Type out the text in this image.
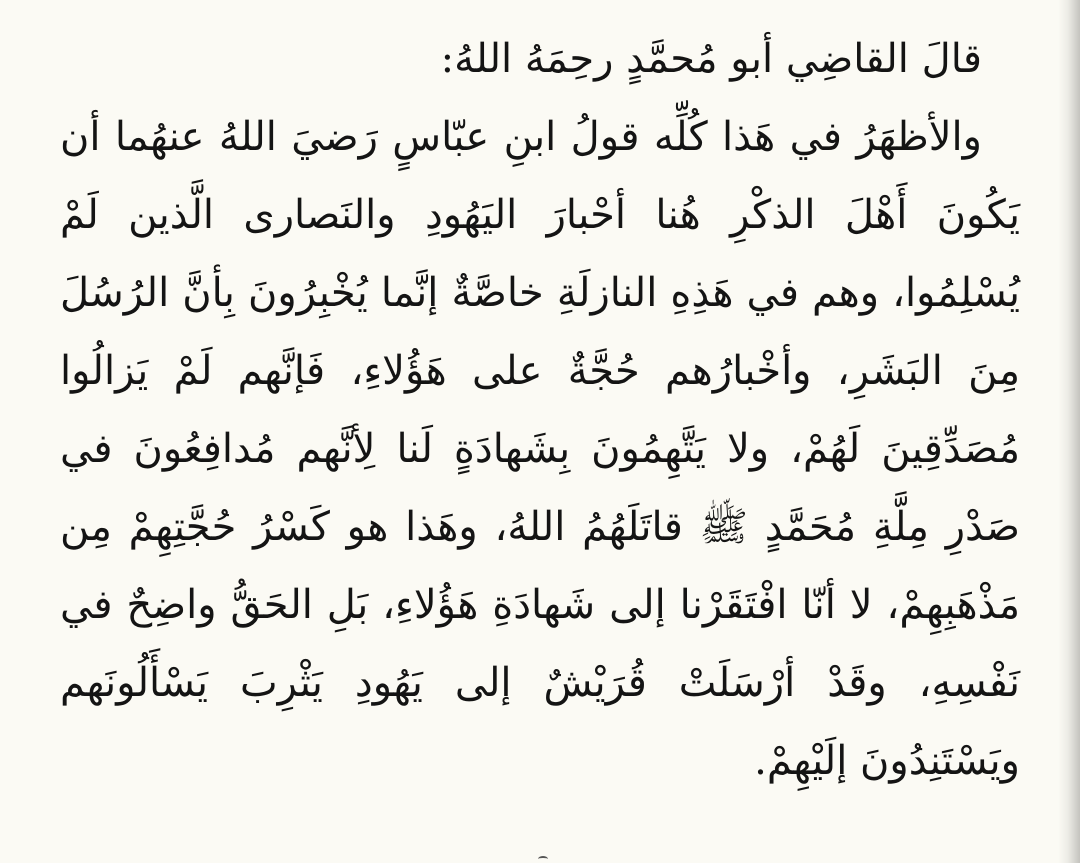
قالَ القاضِي أبو مُحمَّدٍ رحِمَهُ اللهُ:
والأظهَرُ في هَذا كُلِّه قولُ ابنِ عبّاسٍ رَضيَ اللهُ عنهُما أن يَكُونَ أَهْلَ الذكْرِ هُنا أحْبارَ اليَهُودِ والنَصارى الَّذين لَمْ يُسْلِمُوا، وهم في هَذِهِ النازلَةِ خاصَّةٌ إنَّما يُخْبِرُونَ بِأنَّ الرُسُلَ مِنَ البَشَرِ، وأخْبارُهم حُجَّةٌ على هَؤُلاءِ، فَإنَّهم لَمْ يَزالُوا مُصَدِّقِينَ لَهُمْ، ولا يَتَّهِمُونَ بِشَهادَةٍ لَنا لِأنَّهم مُدافِعُونَ في صَدْرِ مِلَّةِ مُحَمَّدٍ ﷺ قاتَلَهُمُ اللهُ، وهَذا هو كَسْرُ حُجَّتِهِمْ مِن مَذْهَبِهِمْ، لا أنّا افْتَقَرْنا إلى شَهادَةِ هَؤُلاءِ، بَلِ الحَقُّ واضِحٌ في نَفْسِهِ، وقَدْ أرْسَلَتْ قُرَيْشٌ إلى يَهُودِ يَثْرِبَ يَسْأَلُونَهم ويَسْتَنِدُونَ إلَيْهِمْ.
